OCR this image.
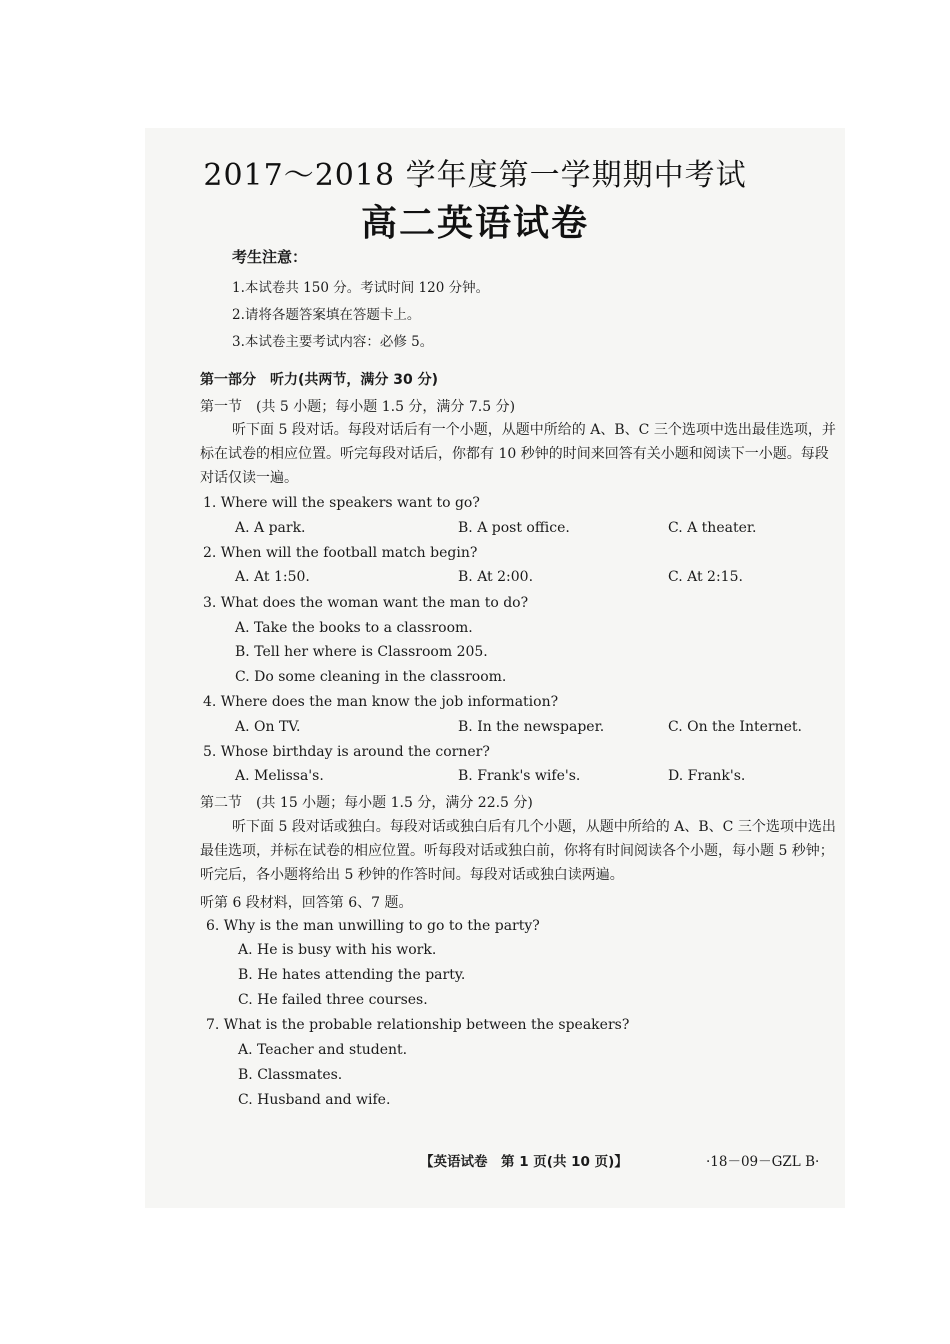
2017～2018 学年度第一学期期中考试
高二英语试卷
考生注意：
1.本试卷共 150 分。考试时间 120 分钟。
2.请将各题答案填在答题卡上。
3.本试卷主要考试内容：必修 5。
第一部分　听力(共两节，满分 30 分)
第一节　(共 5 小题；每小题 1.5 分，满分 7.5 分)
听下面 5 段对话。每段对话后有一个小题，从题中所给的 A、B、C 三个选项中选出最佳选项，并标在试卷的相应位置。听完每段对话后，你都有 10 秒钟的时间来回答有关小题和阅读下一小题。每段对话仅读一遍。
1. Where will the speakers want to go?
A. A park.	B. A post office.	C. A theater.
2. When will the football match begin?
A. At 1:50.	B. At 2:00.	C. At 2:15.
3. What does the woman want the man to do?
A. Take the books to a classroom.
B. Tell her where is Classroom 205.
C. Do some cleaning in the classroom.
4. Where does the man know the job information?
A. On TV.	B. In the newspaper.	C. On the Internet.
5. Whose birthday is around the corner?
A. Melissa's.	B. Frank's wife's.	D. Frank's.
第二节　(共 15 小题；每小题 1.5 分，满分 22.5 分)
听下面 5 段对话或独白。每段对话或独白后有几个小题，从题中所给的 A、B、C 三个选项中选出最佳选项，并标在试卷的相应位置。听每段对话或独白前，你将有时间阅读各个小题，每小题 5 秒钟；听完后，各小题将给出 5 秒钟的作答时间。每段对话或独白读两遍。
听第 6 段材料，回答第 6、7 题。
6. Why is the man unwilling to go to the party?
A. He is busy with his work.
B. He hates attending the party.
C. He failed three courses.
7. What is the probable relationship between the speakers?
A. Teacher and student.
B. Classmates.
C. Husband and wife.
【英语试卷　第 1 页(共 10 页)】	·18－09－GZL B·
